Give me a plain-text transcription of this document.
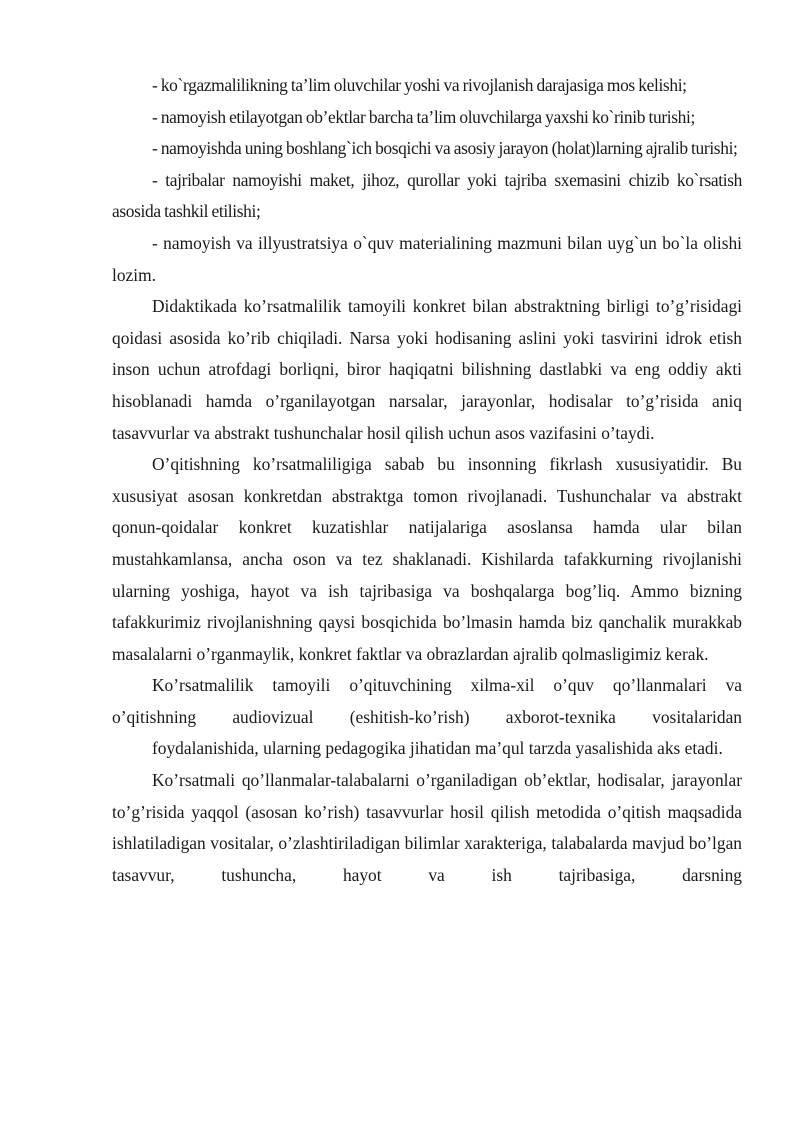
- ko`rgazmalilikning ta’lim oluvchilar yoshi va rivojlanish darajasiga mos kelishi;

- namoyish etilayotgan ob’ektlar barcha ta’lim oluvchilarga yaxshi ko`rinib turishi;

- namoyishda uning boshlang`ich bosqichi va asosiy jarayon (holat)larning ajralib turishi;

- tajribalar namoyishi maket, jihoz, qurollar yoki tajriba sxemasini chizib ko`rsatish asosida tashkil etilishi;

- namoyish va illyustratsiya o`quv materialining mazmuni bilan uyg`un bo`la olishi lozim.

Didaktikada ko’rsatmalilik tamoyili konkret bilan abstraktning birligi to’g’risidagi qoidasi asosida ko’rib chiqiladi. Narsa yoki hodisaning aslini yoki tasvirini idrok etish inson uchun atrofdagi borliqni, biror haqiqatni bilishning dastlabki va eng oddiy akti hisoblanadi hamda o’rganilayotgan narsalar, jarayonlar, hodisalar to’g’risida aniq tasavvurlar va abstrakt tushunchalar hosil qilish uchun asos vazifasini o’taydi.

O’qitishning ko’rsatmaliligiga sabab bu insonning fikrlash xususiyatidir. Bu xususiyat asosan konkretdan abstraktga tomon rivojlanadi. Tushunchalar va abstrakt qonun-qoidalar konkret kuzatishlar natijalariga asoslansa hamda ular bilan mustahkamlansa, ancha oson va tez shaklanadi. Kishilarda tafakkurning rivojlanishi ularning yoshiga, hayot va ish tajribasiga va boshqalarga bog’liq. Ammo bizning tafakkurimiz rivojlanishning qaysi bosqichida bo’lmasin hamda biz qanchalik murakkab masalalarni o’rganmaylik, konkret faktlar va obrazlardan ajralib qolmasligimiz kerak.

Ko’rsatmalilik tamoyili o’qituvchining xilma-xil o’quv qo’llanmalari va o’qitishning audiovizual (eshitish-ko’rish) axborot-texnika vositalaridan

foydalanishida, ularning pedagogika jihatidan ma’qul tarzda yasalishida aks etadi.

Ko’rsatmali qo’llanmalar-talabalarni o’rganiladigan ob’ektlar, hodisalar, jarayonlar to’g’risida yaqqol (asosan ko’rish) tasavvurlar hosil qilish metodida o’qitish maqsadida ishlatiladigan vositalar, o’zlashtiriladigan bilimlar xarakteriga, talabalarda mavjud bo’lgan tasavvur, tushuncha, hayot va ish tajribasiga, darsning
